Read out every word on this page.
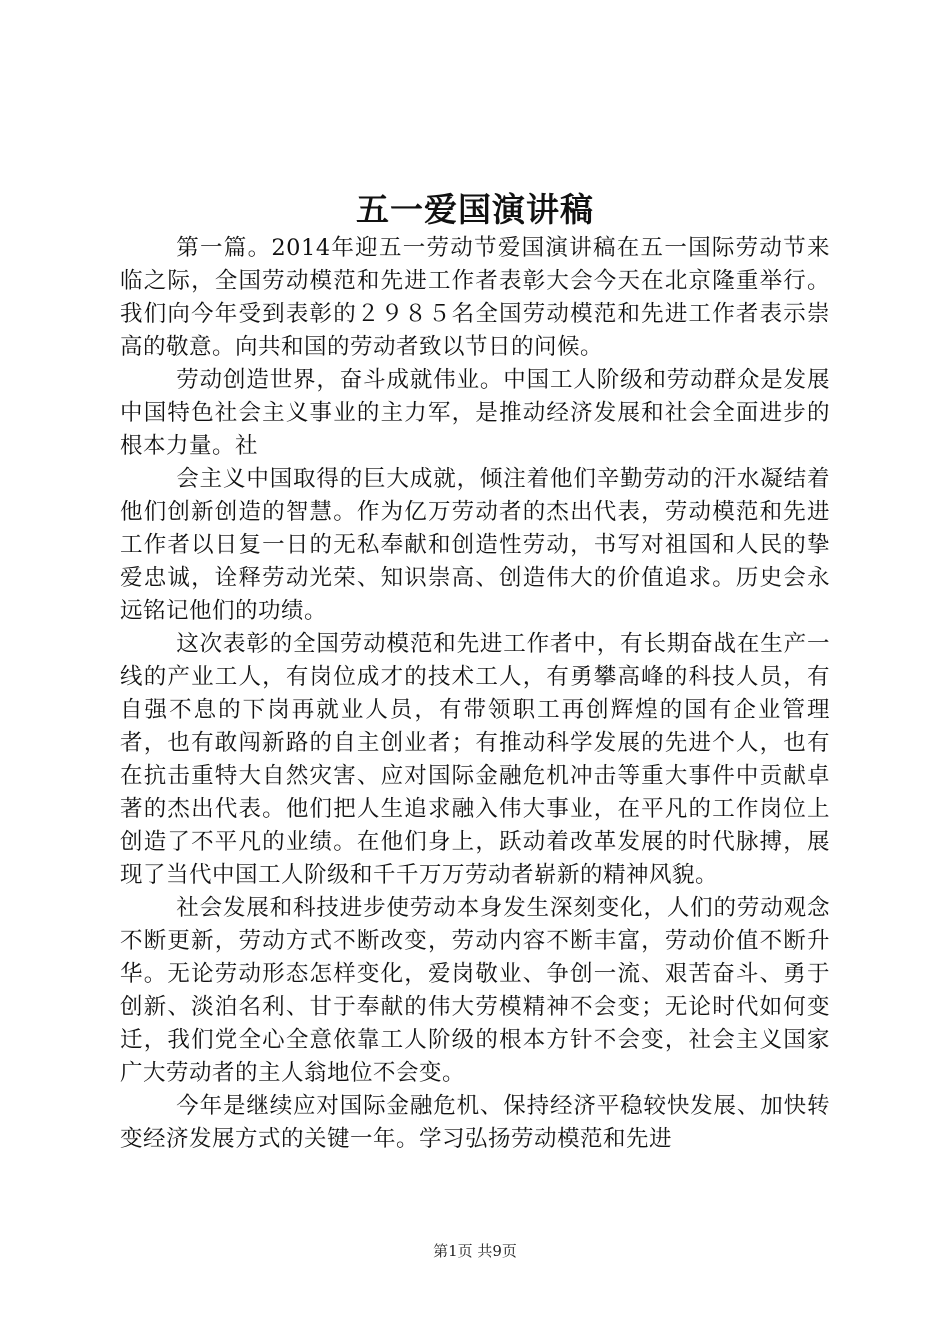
五一爱国演讲稿

第一篇。2014年迎五一劳动节爱国演讲稿在五一国际劳动节来临之际，全国劳动模范和先进工作者表彰大会今天在北京隆重举行。我们向今年受到表彰的２９８５名全国劳动模范和先进工作者表示崇高的敬意。向共和国的劳动者致以节日的问候。

劳动创造世界，奋斗成就伟业。中国工人阶级和劳动群众是发展中国特色社会主义事业的主力军，是推动经济发展和社会全面进步的根本力量。社

会主义中国取得的巨大成就，倾注着他们辛勤劳动的汗水凝结着他们创新创造的智慧。作为亿万劳动者的杰出代表，劳动模范和先进工作者以日复一日的无私奉献和创造性劳动，书写对祖国和人民的挚爱忠诚，诠释劳动光荣、知识崇高、创造伟大的价值追求。历史会永远铭记他们的功绩。

这次表彰的全国劳动模范和先进工作者中，有长期奋战在生产一线的产业工人，有岗位成才的技术工人，有勇攀高峰的科技人员，有自强不息的下岗再就业人员，有带领职工再创辉煌的国有企业管理者，也有敢闯新路的自主创业者；有推动科学发展的先进个人，也有在抗击重特大自然灾害、应对国际金融危机冲击等重大事件中贡献卓著的杰出代表。他们把人生追求融入伟大事业，在平凡的工作岗位上创造了不平凡的业绩。在他们身上，跃动着改革发展的时代脉搏，展现了当代中国工人阶级和千千万万劳动者崭新的精神风貌。

社会发展和科技进步使劳动本身发生深刻变化，人们的劳动观念不断更新，劳动方式不断改变，劳动内容不断丰富，劳动价值不断升华。无论劳动形态怎样变化，爱岗敬业、争创一流、艰苦奋斗、勇于创新、淡泊名利、甘于奉献的伟大劳模精神不会变；无论时代如何变迁，我们党全心全意依靠工人阶级的根本方针不会变，社会主义国家广大劳动者的主人翁地位不会变。

今年是继续应对国际金融危机、保持经济平稳较快发展、加快转变经济发展方式的关键一年。学习弘扬劳动模范和先进

第1页 共9页
